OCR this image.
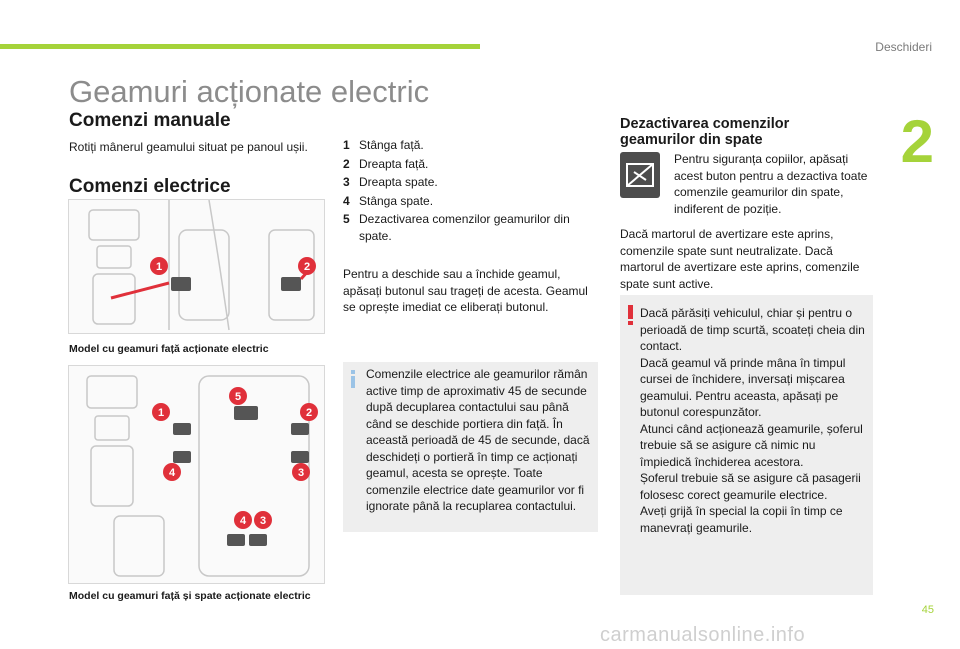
Deschideri
2
Geamuri acționate electric
Comenzi manuale
Rotiți mânerul geamului situat pe panoul ușii.
Comenzi electrice
1	2
Model cu geamuri față acționate electric
5
1	2
4	3
4 3
Model cu geamuri față și spate acționate electric
1 Stânga față.
2 Dreapta față.
3 Dreapta spate.
4 Stânga spate.
5 Dezactivarea comenzilor geamurilor din spate.
Pentru a deschide sau a închide geamul, apăsați butonul sau trageți de acesta. Geamul se oprește imediat ce eliberați butonul.
Comenzile electrice ale geamurilor rămân active timp de aproximativ 45 de secunde după decuplarea contactului sau până când se deschide portiera din față. În această perioadă de 45 de secunde, dacă deschideți o portieră în timp ce acționați geamul, acesta se oprește. Toate comenzile electrice date geamurilor vor fi ignorate până la recuplarea contactului.
Dezactivarea comenzilor
geamurilor din spate
Pentru siguranța copiilor, apăsați acest buton pentru a dezactiva toate comenzile geamurilor din spate, indiferent de poziție.
Dacă martorul de avertizare este aprins, comenzile spate sunt neutralizate. Dacă martorul de avertizare este aprins, comenzile spate sunt active.
Dacă părăsiți vehiculul, chiar și pentru o perioadă de timp scurtă, scoateți cheia din contact.
Dacă geamul vă prinde mâna în timpul cursei de închidere, inversați mișcarea geamului. Pentru aceasta, apăsați pe butonul corespunzător.
Atunci când acționează geamurile, șoferul trebuie să se asigure că nimic nu împiedică închiderea acestora.
Șoferul trebuie să se asigure că pasagerii folosesc corect geamurile electrice.
Aveți grijă în special la copii în timp ce manevrați geamurile.
45
carmanualsonline.info
